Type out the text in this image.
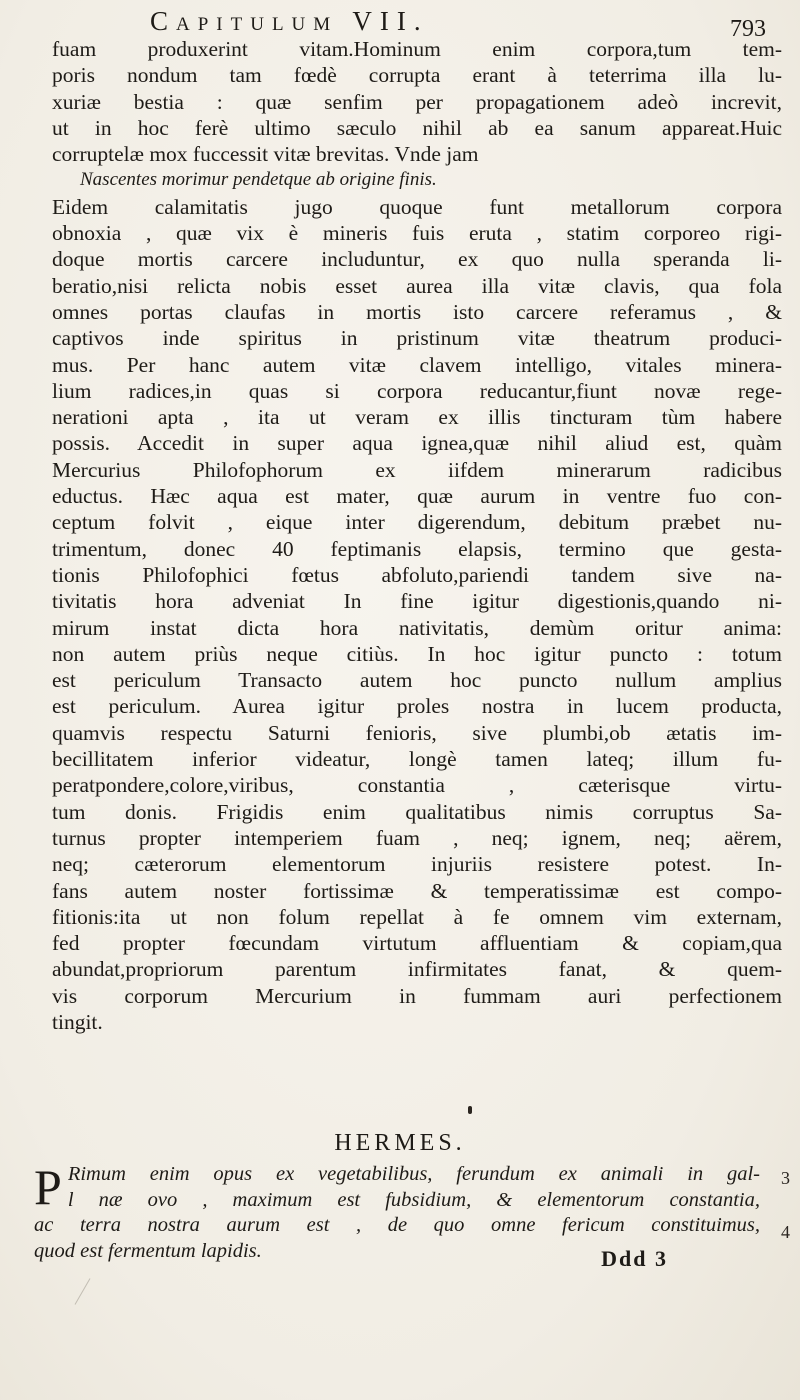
Capitulum VII.	793
fuam produxerint vitam.Hominum enim corpora,tum tem-
poris nondum tam fœdè corrupta erant à teterrima illa lu-
xuriæ bestia : quæ senfim per propagationem adeò increvit,
ut in hoc ferè ultimo sæculo nihil ab ea sanum appareat.Huic
corruptelæ mox fuccessit vitæ brevitas. Vnde jam
Nascentes morimur pendetque ab origine finis.
Eidem calamitatis jugo quoque funt metallorum corpora
obnoxia , quæ vix è mineris fuis eruta , statim corporeo rigi-
doque mortis carcere includuntur, ex quo nulla speranda li-
beratio,nisi relicta nobis esset aurea illa vitæ clavis, qua fola
omnes portas claufas in mortis isto carcere referamus , &
captivos inde spiritus in pristinum vitæ theatrum produci-
mus. Per hanc autem vitæ clavem intelligo, vitales minera-
lium radices,in quas si corpora reducantur,fiunt novæ rege-
nerationi apta , ita ut veram ex illis tincturam tùm habere
possis. Accedit in super aqua ignea,quæ nihil aliud est, quàm
Mercurius Philofophorum ex iifdem minerarum radicibus
eductus. Hæc aqua est mater, quæ aurum in ventre fuo con-
ceptum folvit , eique inter digerendum, debitum præbet nu-
trimentum, donec 40 feptimanis elapsis, termino que gesta-
tionis Philofophici fœtus abfoluto,pariendi tandem sive na-
tivitatis hora adveniat In fine igitur digestionis,quando ni-
mirum instat dicta hora nativitatis, demùm oritur anima:
non autem priùs neque citiùs. In hoc igitur puncto : totum
est periculum Transacto autem hoc puncto nullum amplius
est periculum. Aurea igitur proles nostra in lucem producta,
quamvis respectu Saturni fenioris, sive plumbi,ob ætatis im-
becillitatem inferior videatur, longè tamen lateq; illum fu-
peratpondere,colore,viribus, constantia , cæterisque virtu-
tum donis. Frigidis enim qualitatibus nimis corruptus Sa-
turnus propter intemperiem fuam , neq; ignem, neq; aërem,
neq; cæterorum elementorum injuriis resistere potest. In-
fans autem noster fortissimæ & temperatissimæ est compo-
fitionis:ita ut non folum repellat à fe omnem vim externam,
fed propter fœcundam virtutum affluentiam & copiam,qua
abundat,propriorum parentum infirmitates fanat, & quem-
vis corporum Mercurium in fummam auri perfectionem
tingit.
HERMES.
P Rimum enim opus ex vegetabilibus, ferundum ex animali in gal-
l næ ovo , maximum est fubsidium, & elementorum constantia,
ac terra nostra aurum est , de quo omne fericum constituimus,
quod est fermentum lapidis.
3
4
Ddd 3
